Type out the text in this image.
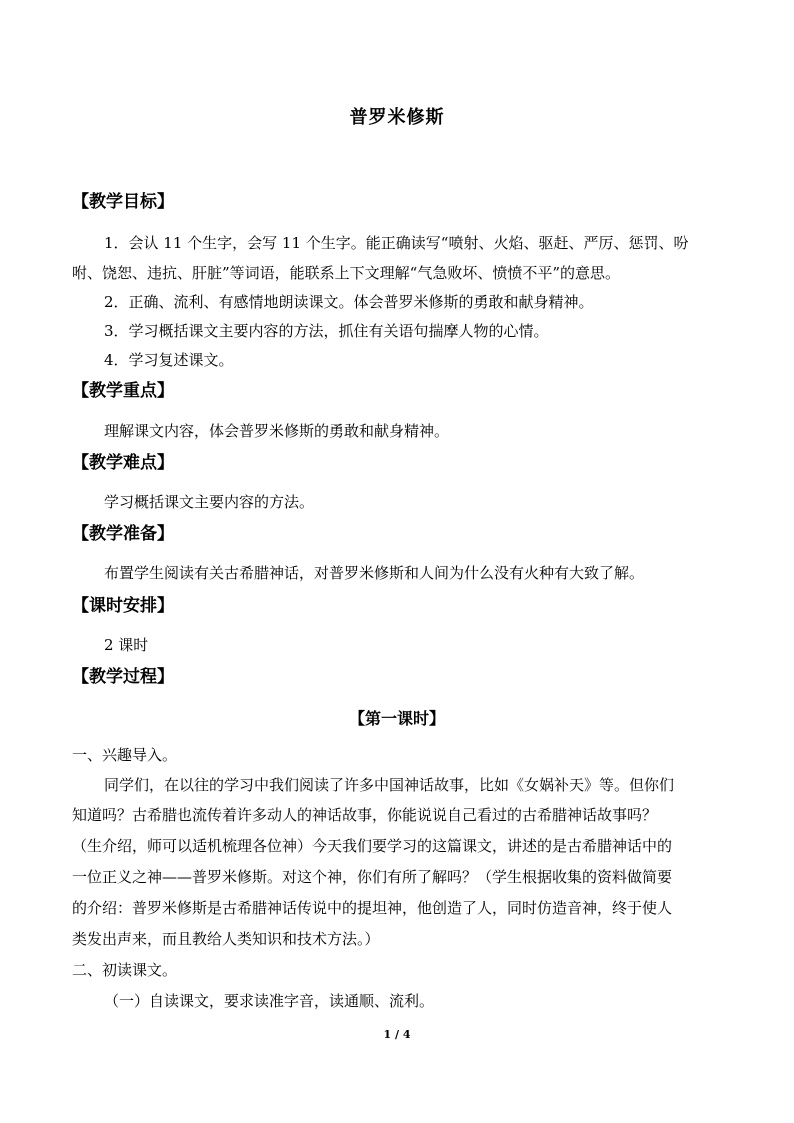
普罗米修斯
【教学目标】
1．会认 11 个生字，会写 11 个生字。能正确读写“喷射、火焰、驱赶、严厉、惩罚、吩
咐、饶恕、违抗、肝脏”等词语，能联系上下文理解“气急败坏、愤愤不平”的意思。
2．正确、流利、有感情地朗读课文。体会普罗米修斯的勇敢和献身精神。
3．学习概括课文主要内容的方法，抓住有关语句揣摩人物的心情。
4．学习复述课文。
【教学重点】
理解课文内容，体会普罗米修斯的勇敢和献身精神。
【教学难点】
学习概括课文主要内容的方法。
【教学准备】
布置学生阅读有关古希腊神话，对普罗米修斯和人间为什么没有火种有大致了解。
【课时安排】
2 课时
【教学过程】
【第一课时】
一、兴趣导入。
同学们，在以往的学习中我们阅读了许多中国神话故事，比如《女娲补天》等。但你们
知道吗？古希腊也流传着许多动人的神话故事，你能说说自己看过的古希腊神话故事吗？
（生介绍，师可以适机梳理各位神）今天我们要学习的这篇课文，讲述的是古希腊神话中的
一位正义之神——普罗米修斯。对这个神，你们有所了解吗？（学生根据收集的资料做简要
的介绍：普罗米修斯是古希腊神话传说中的提坦神，他创造了人，同时仿造音神，终于使人
类发出声来，而且教给人类知识和技术方法。）
二、初读课文。
（一）自读课文，要求读准字音，读通顺、流利。
1 / 4
